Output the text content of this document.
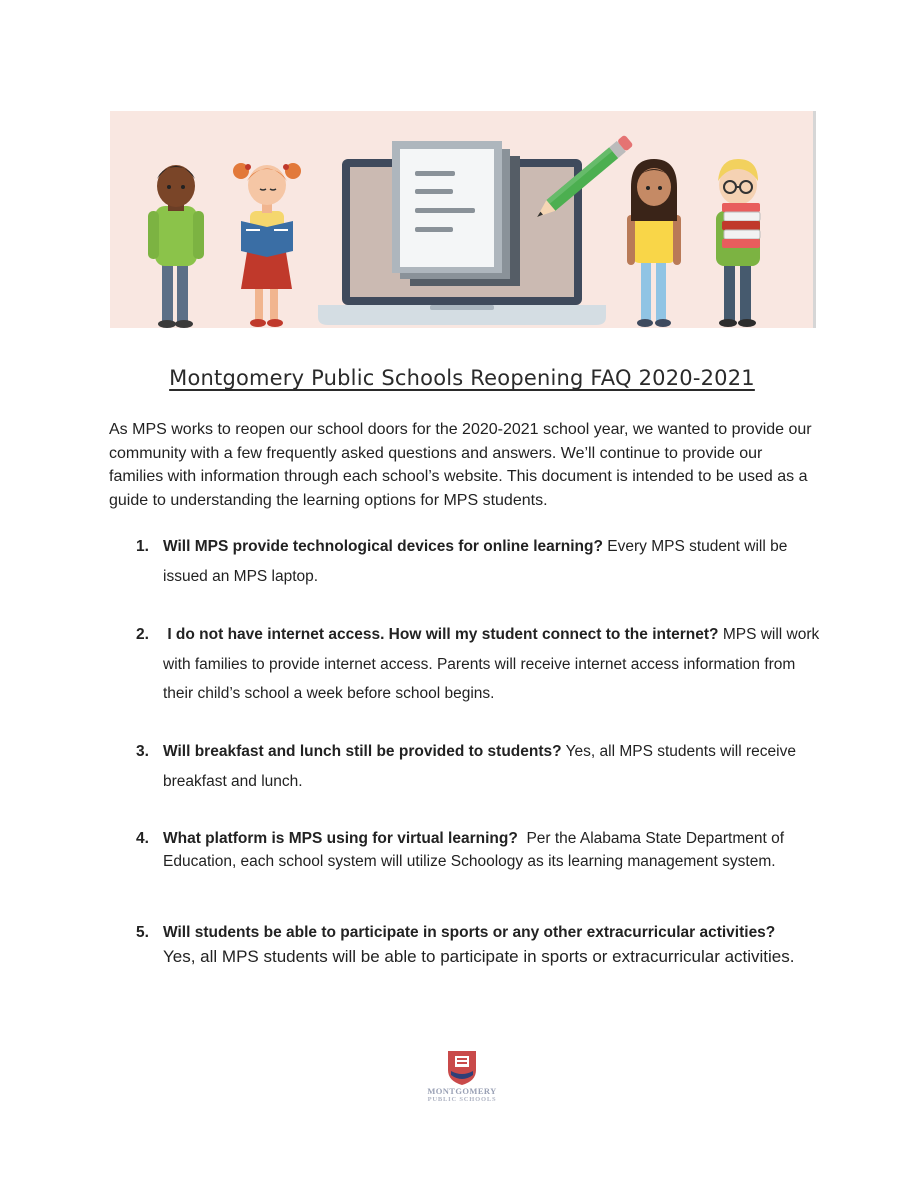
Montgomery Public Schools Reopening FAQ 2020-2021

As MPS works to reopen our school doors for the 2020-2021 school year, we wanted to provide our community with a few frequently asked questions and answers. We’ll continue to provide our families with information through each school’s website. This document is intended to be used as a guide to understanding the learning options for MPS students.

1. Will MPS provide technological devices for online learning? Every MPS student will be issued an MPS laptop.
2. I do not have internet access. How will my student connect to the internet? MPS will work with families to provide internet access. Parents will receive internet access information from their child’s school a week before school begins.
3. Will breakfast and lunch still be provided to students? Yes, all MPS students will receive breakfast and lunch.
4. What platform is MPS using for virtual learning? Per the Alabama State Department of Education, each school system will utilize Schoology as its learning management system.
5. Will students be able to participate in sports or any other extracurricular activities?
Yes, all MPS students will be able to participate in sports or extracurricular activities.
MONTGOMERY
PUBLIC SCHOOLS
